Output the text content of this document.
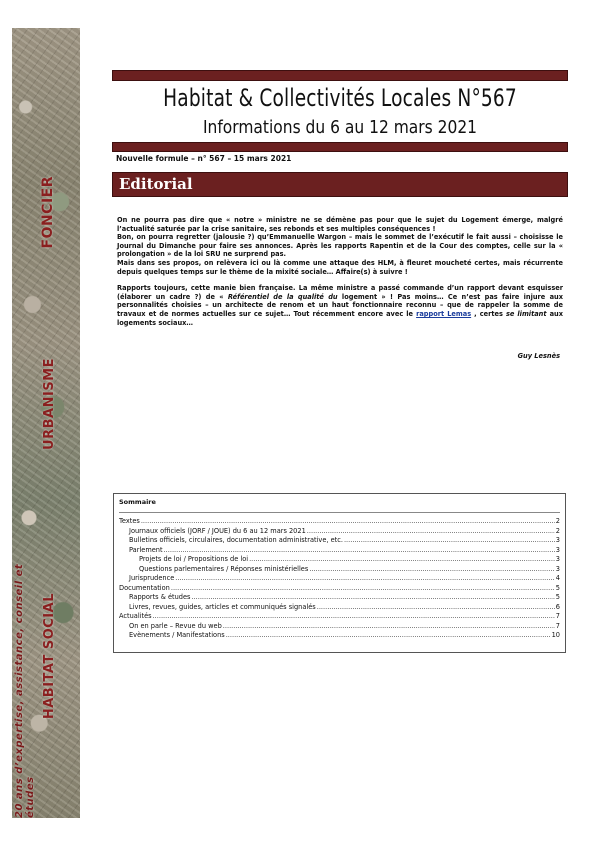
FONCIER
URBANISME
HABITAT SOCIAL
20 ans d’expertise, assistance, conseil et études
Habitat & Collectivités Locales N°567
Informations du 6 au 12 mars 2021
Nouvelle formule – n° 567 – 15 mars 2021
Editorial

On ne pourra pas dire que « notre » ministre ne se démène pas pour que le sujet du Logement émerge, malgré l’actualité saturée par la crise sanitaire, ses rebonds et ses multiples conséquences !

Bon, on pourra regretter (jalousie ?) qu’Emmanuelle Wargon – mais le sommet de l’exécutif le fait aussi – choisisse le Journal du Dimanche pour faire ses annonces. Après les rapports Rapentin et de la Cour des comptes, celle sur la « prolongation » de la loi SRU ne surprend pas.

Mais dans ses propos, on relèvera ici ou là comme une attaque des HLM, à fleuret moucheté certes, mais récurrente depuis quelques temps sur le thème de la mixité sociale… Affaire(s) à suivre !

Rapports toujours, cette manie bien française. La même ministre a passé commande d’un rapport devant esquisser (élaborer un cadre ?) de « Référentiel de la qualité du logement » ! Pas moins… Ce n’est pas faire injure aux personnalités choisies – un architecte de renom et un haut fonctionnaire reconnu – que de rappeler la somme de travaux et de normes actuelles sur ce sujet… Tout récemment encore avec le rapport Lemas , certes se limitant aux logements sociaux…

Guy Lesnès
Sommaire
Textes .....	2
Journaux officiels (JORF / JOUE) du 6 au 12 mars 2021 .....	2
Bulletins officiels, circulaires, documentation administrative, etc. .....	3
Parlement .....	3
Projets de loi / Propositions de loi .....	3
Questions parlementaires / Réponses ministérielles .....	3
Jurisprudence .....	4
Documentation .....	5
Rapports & études .....	5
Livres, revues, guides, articles et communiqués signalés .....	6
Actualités .....	7
On en parle – Revue du web .....	7
Evènements / Manifestations .....	10
